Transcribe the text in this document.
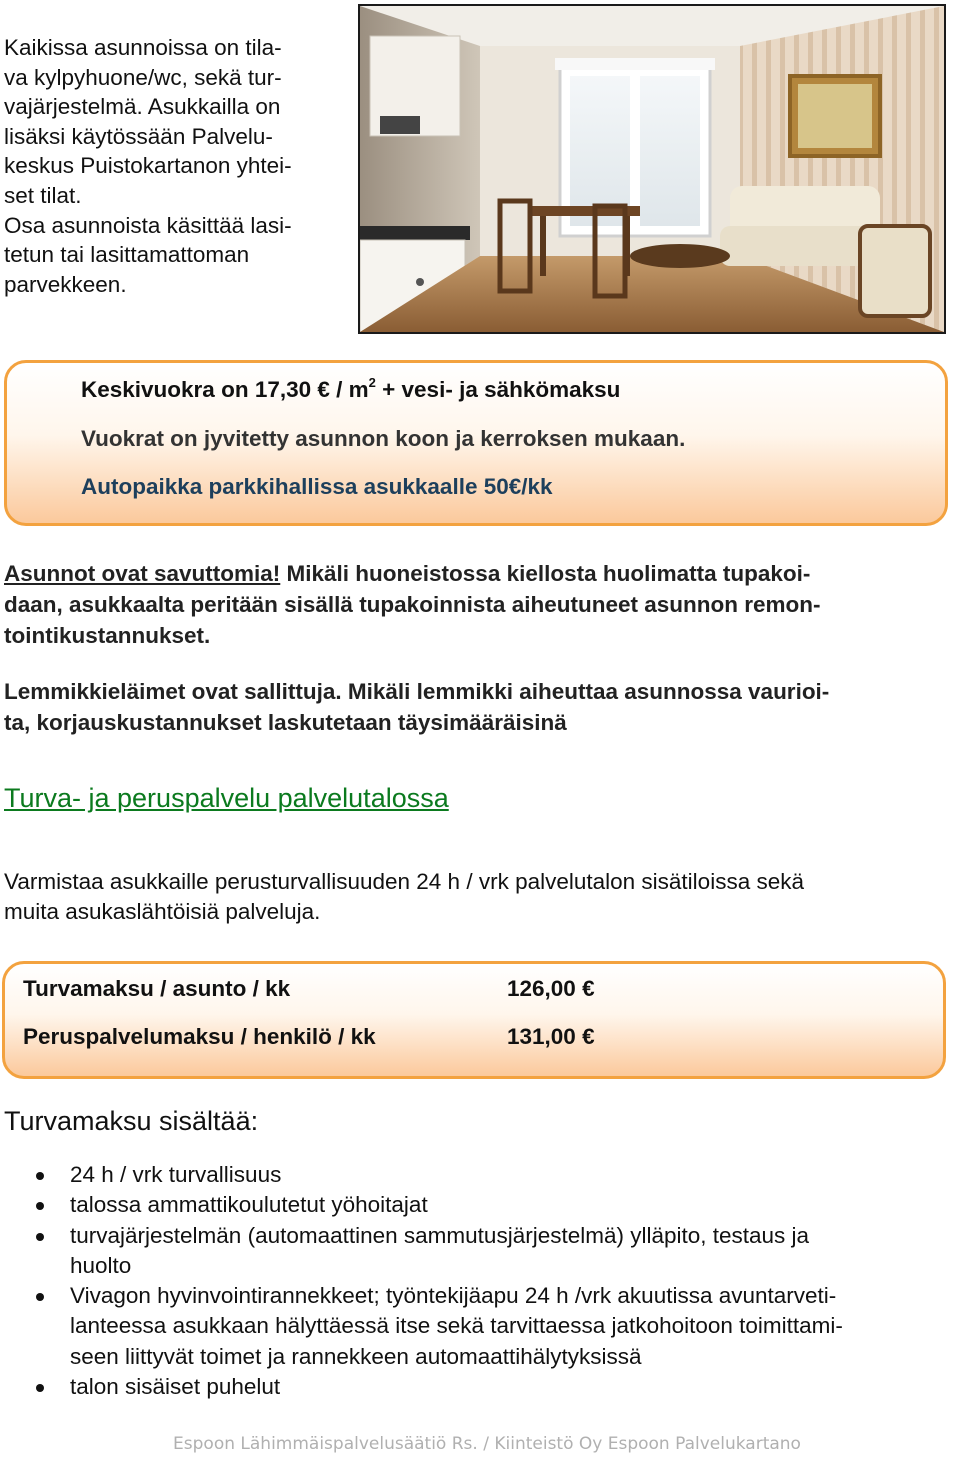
Kaikissa asunnoissa on tila-
va kylpyhuone/wc, sekä tur-
vajärjestelmä. Asukkailla on
lisäksi käytössään Palvelu-
keskus Puistokartanon yhtei-
set tilat.
Osa asunnoista käsittää lasi-
tetun tai lasittamattoman
parvekkeen.

Keskivuokra on 17,30 € / $m^2$ + vesi- ja sähkömaksu

Vuokrat on jyvitetty asunnon koon ja kerroksen mukaan.

Autopaikka parkkihallissa asukkaalle 50€/kk

Asunnot ovat savuttomia! Mikäli huoneistossa kiellosta huolimatta tupakoi-
daan, asukkaalta peritään sisällä tupakoinnista aiheutuneet asunnon remon-
tointikustannukset.

Lemmikkieläimet ovat sallittuja. Mikäli lemmikki aiheuttaa asunnossa vaurioi-
ta, korjauskustannukset laskutetaan täysimääräisinä

Turva- ja peruspalvelu palvelutalossa

Varmistaa asukkaille perusturvallisuuden 24 h / vrk palvelutalon sisätiloissa sekä
muita asukaslähtöisiä palveluja.

Turvamaksu / asunto / kk	126,00 €
Peruspalvelumaksu / henkilö / kk	131,00 €
Turvamaksu sisältää:
24 h / vrk turvallisuus
talossa ammattikoulutetut yöhoitajat
turvajärjestelmän (automaattinen sammutusjärjestelmä) ylläpito, testaus ja
huolto
Vivagon hyvinvointirannekkeet; työntekijäapu 24 h /vrk akuutissa avuntarveti-
lanteessa asukkaan hälyttäessä itse sekä tarvittaessa jatkohoitoon toimittami-
seen liittyvät toimet ja rannekkeen automaattihälytyksissä
talon sisäiset puhelut

Espoon Lähimmäispalvelusäätiö Rs. / Kiinteistö Oy Espoon Palvelukartano
